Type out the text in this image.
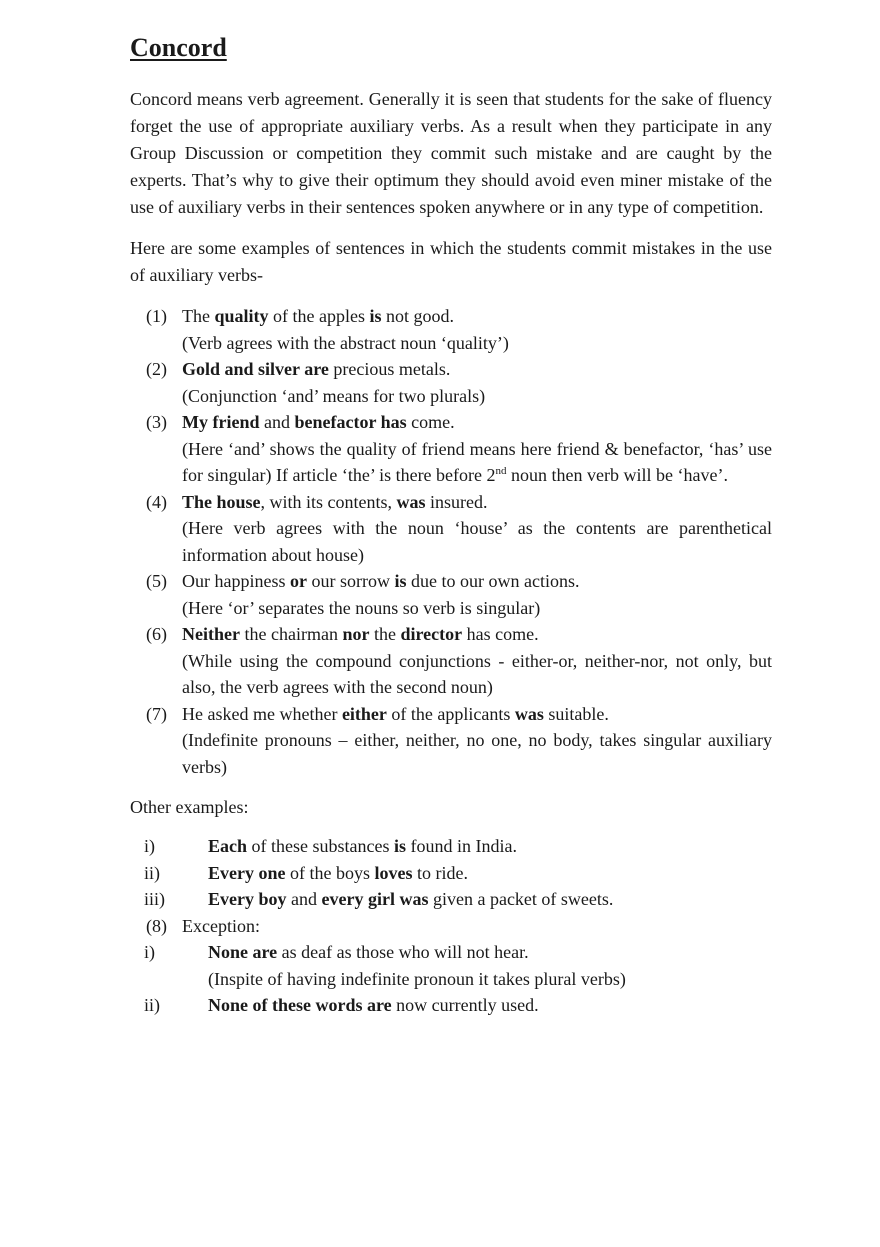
Concord

Concord means verb agreement. Generally it is seen that students for the sake of fluency forget the use of appropriate auxiliary verbs. As a result when they participate in any Group Discussion or competition they commit such mistake and are caught by the experts. That’s why to give their optimum they should avoid even miner mistake of the use of auxiliary verbs in their sentences spoken anywhere or in any type of competition.

Here are some examples of sentences in which the students commit mistakes in the use of auxiliary verbs-

(1) The quality of the apples is not good.
(Verb agrees with the abstract noun ‘quality’)
(2) Gold and silver are precious metals.
(Conjunction ‘and’ means for two plurals)
(3) My friend and benefactor has come.
(Here ‘and’ shows the quality of friend means here friend & benefactor, ‘has’ use for singular) If article ‘the’ is there before 2nd noun then verb will be ‘have’.
(4) The house, with its contents, was insured.
(Here verb agrees with the noun ‘house’ as the contents are parenthetical information about house)
(5) Our happiness or our sorrow is due to our own actions.
(Here ‘or’ separates the nouns so verb is singular)
(6) Neither the chairman nor the director has come.
(While using the compound conjunctions - either-or, neither-nor, not only, but also, the verb agrees with the second noun)
(7) He asked me whether either of the applicants was suitable.
(Indefinite pronouns – either, neither, no one, no body, takes singular auxiliary verbs)

Other examples:

i)	Each of these substances is found in India.
ii)	Every one of the boys loves to ride.
iii) Every boy and every girl was given a packet of sweets.
(8) Exception:
i)	None are as deaf as those who will not hear.
(Inspite of having indefinite pronoun it takes plural verbs)
ii)	None of these words are now currently used.
